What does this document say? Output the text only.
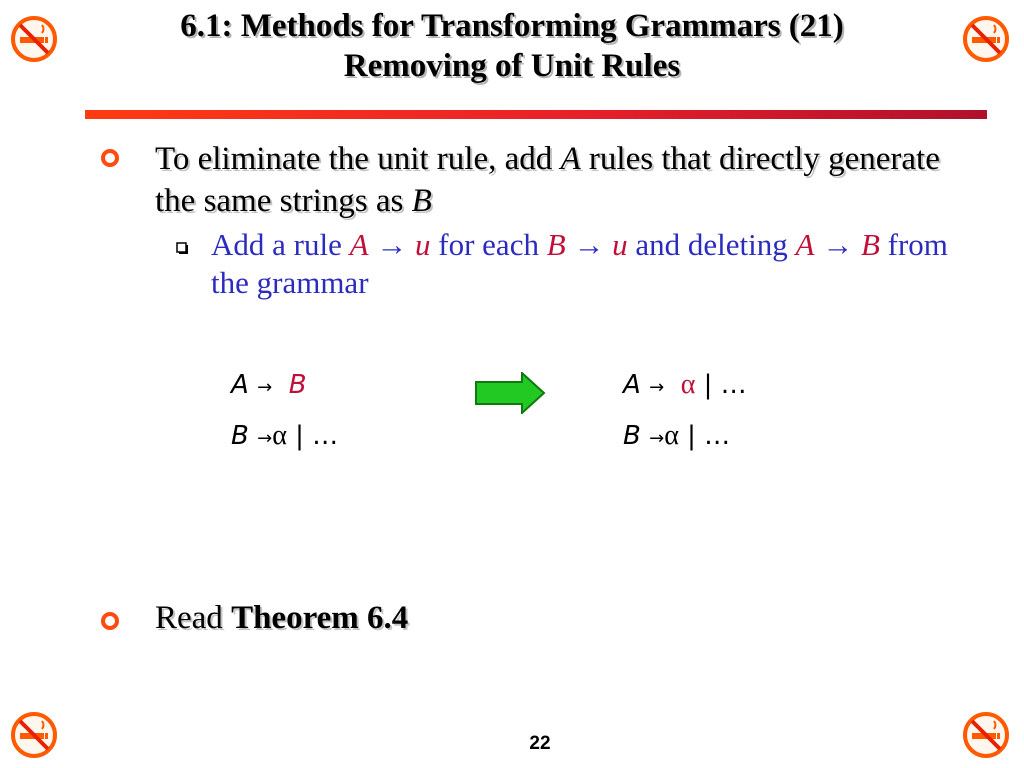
6.1: Methods for Transforming Grammars (21)
Removing of Unit Rules
To eliminate the unit rule, add A rules that directly generate the same strings as B
Add a rule A → u for each B → u and deleting A → B from the grammar
A → B
B →α | …
A → α | …
B →α | …
Read Theorem 6.4
22
